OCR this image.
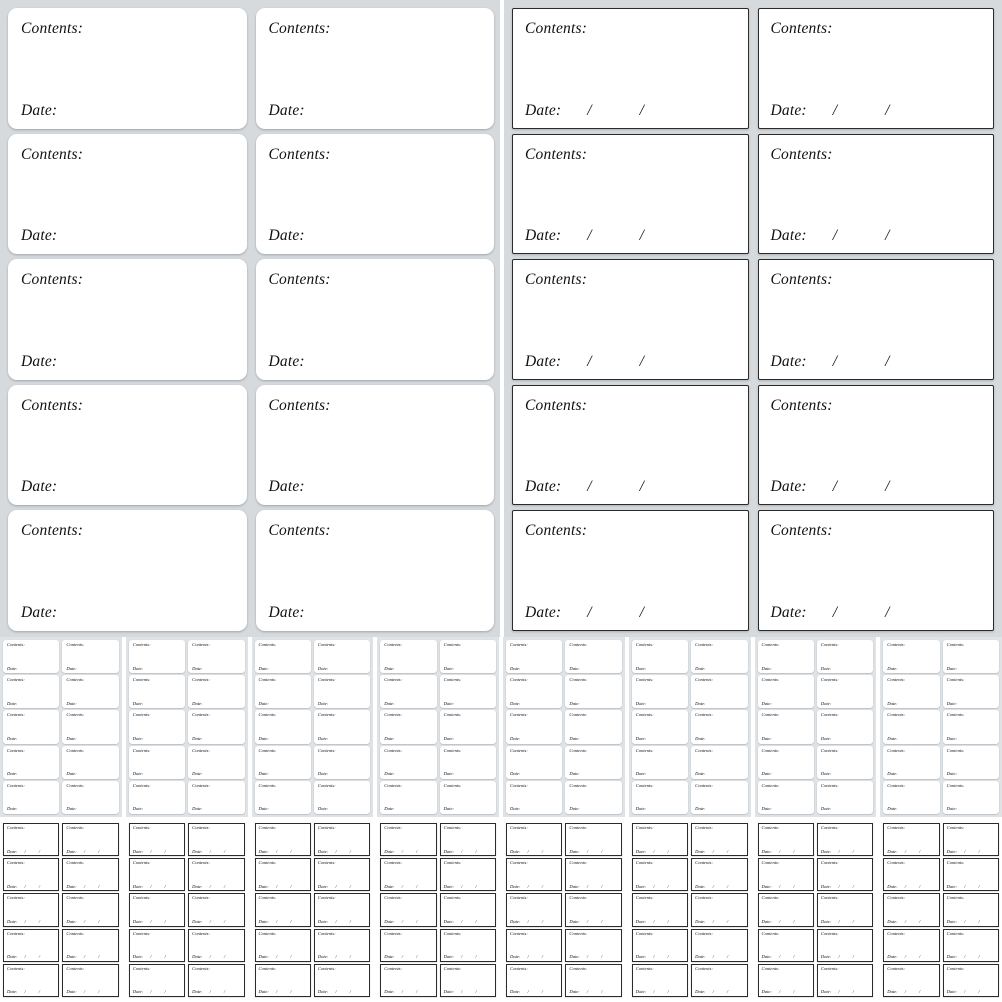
Contents:
Date:
Contents:
Date:
Contents:
Date:
Contents:
Date:
Contents:
Date:
Contents:
Date:
Contents:
Date:
Contents:
Date:
Contents:
Date:
Contents:
Date:
Contents:
Date: /	/
Contents:
Date: /	/
Contents:
Date: /	/
Contents:
Date: /	/
Contents:
Date: /	/
Contents:
Date: /	/
Contents:
Date: /	/
Contents:
Date: /	/
Contents:
Date: /	/
Contents:
Date: /	/
Contents:
Date:
Contents:
Date:
Contents:
Date:
Contents:
Date:
Contents:
Date:
Contents:
Date:
Contents:
Date:
Contents:
Date:
Contents:
Date:
Contents:
Date:
Contents:
Date:
Contents:
Date:
Contents:
Date:
Contents:
Date:
Contents:
Date:
Contents:
Date:
Contents:
Date:
Contents:
Date:
Contents:
Date:
Contents:
Date:
Contents:
Date:
Contents:
Date:
Contents:
Date:
Contents:
Date:
Contents:
Date:
Contents:
Date:
Contents:
Date:
Contents:
Date:
Contents:
Date:
Contents:
Date:
Contents:
Date:
Contents:
Date:
Contents:
Date:
Contents:
Date:
Contents:
Date:
Contents:
Date:
Contents:
Date:
Contents:
Date:
Contents:
Date:
Contents:
Date:
Contents:
Date:
Contents:
Date:
Contents:
Date:
Contents:
Date:
Contents:
Date:
Contents:
Date:
Contents:
Date:
Contents:
Date:
Contents:
Date:
Contents:
Date:
Contents:
Date:
Contents:
Date:
Contents:
Date:
Contents:
Date:
Contents:
Date:
Contents:
Date:
Contents:
Date:
Contents:
Date:
Contents:
Date:
Contents:
Date:
Contents:
Date:
Contents:
Date:
Contents:
Date:
Contents:
Date:
Contents:
Date:
Contents:
Date:
Contents:
Date:
Contents:
Date:
Contents:
Date:
Contents:
Date:
Contents:
Date:
Contents:
Date:
Contents:
Date:
Contents:
Date:
Contents:
Date:
Contents:
Date:
Contents:
Date:
Contents:
Date:
Contents:
Date:
Contents:
Date:
Contents:
Date: /	/
Contents:
Date: /	/
Contents:
Date: /	/
Contents:
Date: /	/
Contents:
Date: /	/
Contents:
Date: /	/
Contents:
Date: /	/
Contents:
Date: /	/
Contents:
Date: /	/
Contents:
Date: /	/
Contents:
Date: /	/
Contents:
Date: /	/
Contents:
Date: /	/
Contents:
Date: /	/
Contents:
Date: /	/
Contents:
Date: /	/
Contents:
Date: /	/
Contents:
Date: /	/
Contents:
Date: /	/
Contents:
Date: /	/
Contents:
Date: /	/
Contents:
Date: /	/
Contents:
Date: /	/
Contents:
Date: /	/
Contents:
Date: /	/
Contents:
Date: /	/
Contents:
Date: /	/
Contents:
Date: /	/
Contents:
Date: /	/
Contents:
Date: /	/
Contents:
Date: /	/
Contents:
Date: /	/
Contents:
Date: /	/
Contents:
Date: /	/
Contents:
Date: /	/
Contents:
Date: /	/
Contents:
Date: /	/
Contents:
Date: /	/
Contents:
Date: /	/
Contents:
Date: /	/
Contents:
Date: /	/
Contents:
Date: /	/
Contents:
Date: /	/
Contents:
Date: /	/
Contents:
Date: /	/
Contents:
Date: /	/
Contents:
Date: /	/
Contents:
Date: /	/
Contents:
Date: /	/
Contents:
Date: /	/
Contents:
Date: /	/
Contents:
Date: /	/
Contents:
Date: /	/
Contents:
Date: /	/
Contents:
Date: /	/
Contents:
Date: /	/
Contents:
Date: /	/
Contents:
Date: /	/
Contents:
Date: /	/
Contents:
Date: /	/
Contents:
Date: /	/
Contents:
Date: /	/
Contents:
Date: /	/
Contents:
Date: /	/
Contents:
Date: /	/
Contents:
Date: /	/
Contents:
Date: /	/
Contents:
Date: /	/
Contents:
Date: /	/
Contents:
Date: /	/
Contents:
Date: /	/
Contents:
Date: /	/
Contents:
Date: /	/
Contents:
Date: /	/
Contents:
Date: /	/
Contents:
Date: /	/
Contents:
Date: /	/
Contents:
Date: /	/
Contents:
Date: /	/
Contents:
Date: /	/
